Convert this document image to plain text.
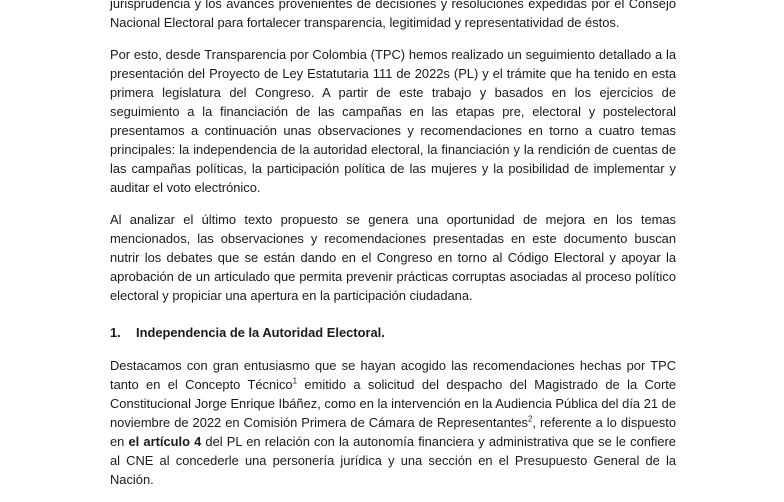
jurisprudencia y los avances provenientes de decisiones y resoluciones expedidas por el Consejo Nacional Electoral para fortalecer transparencia, legitimidad y representatividad de éstos.

Por esto, desde Transparencia por Colombia (TPC) hemos realizado un seguimiento detallado a la presentación del Proyecto de Ley Estatutaria 111 de 2022s (PL) y el trámite que ha tenido en esta primera legislatura del Congreso. A partir de este trabajo y basados en los ejercicios de seguimiento a la financiación de las campañas en las etapas pre, electoral y postelectoral presentamos a continuación unas observaciones y recomendaciones en torno a cuatro temas principales: la independencia de la autoridad electoral, la financiación y la rendición de cuentas de las campañas políticas, la participación política de las mujeres y la posibilidad de implementar y auditar el voto electrónico.

Al analizar el último texto propuesto se genera una oportunidad de mejora en los temas mencionados, las observaciones y recomendaciones presentadas en este documento buscan nutrir los debates que se están dando en el Congreso en torno al Código Electoral y apoyar la aprobación de un articulado que permita prevenir prácticas corruptas asociadas al proceso político electoral y propiciar una apertura en la participación ciudadana.

1.	Independencia de la Autoridad Electoral.

Destacamos con gran entusiasmo que se hayan acogido las recomendaciones hechas por TPC tanto en el Concepto Técnico$^1$ emitido a solicitud del despacho del Magistrado de la Corte Constitucional Jorge Enrique Ibáñez, como en la intervención en la Audiencia Pública del día 21 de noviembre de 2022 en Comisión Primera de Cámara de Representantes$^2$, referente a lo dispuesto en el artículo 4 del PL en relación con la autonomía financiera y administrativa que se le confiere al CNE al concederle una personería jurídica y una sección en el Presupuesto General de la Nación.
